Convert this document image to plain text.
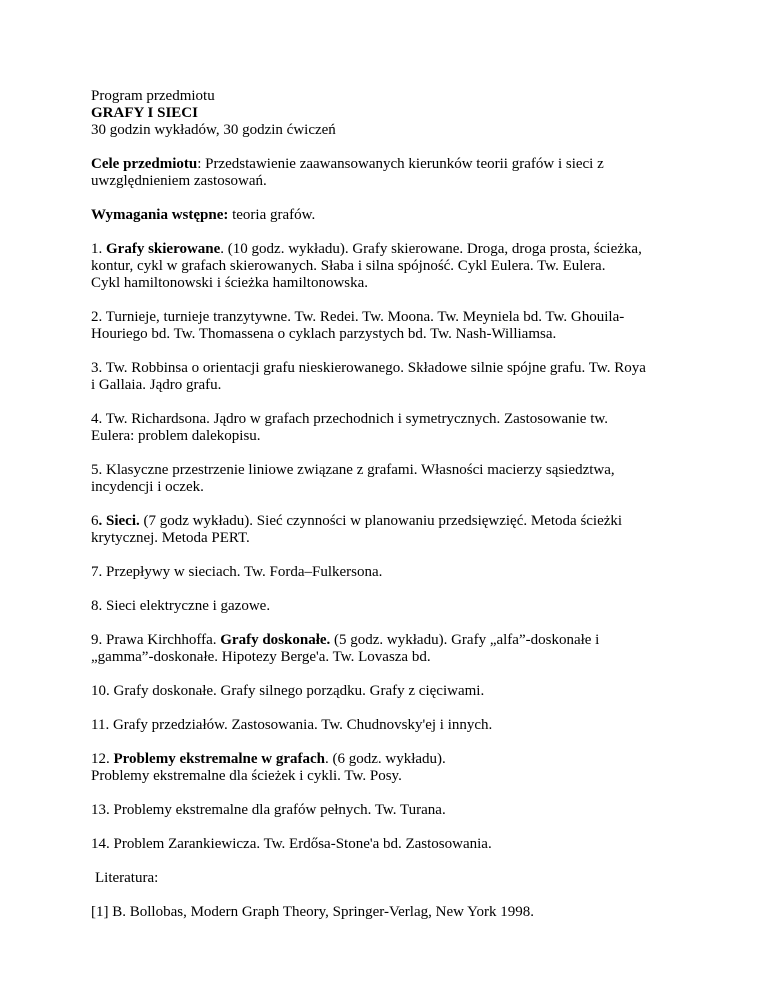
Program przedmiotu
GRAFY I SIECI
30 godzin wykładów, 30 godzin ćwiczeń
Cele przedmiotu: Przedstawienie zaawansowanych kierunków teorii grafów i sieci z
uwzględnieniem zastosowań.
Wymagania wstępne: teoria grafów.
1. Grafy skierowane. (10 godz. wykładu). Grafy skierowane. Droga, droga prosta, ścieżka,
kontur, cykl w grafach skierowanych. Słaba i silna spójność. Cykl Eulera. Tw. Eulera.
Cykl hamiltonowski i ścieżka hamiltonowska.
2. Turnieje, turnieje tranzytywne. Tw. Redei. Tw. Moona. Tw. Meyniela bd. Tw. Ghouila-
Houriego bd. Tw. Thomassena o cyklach parzystych bd. Tw. Nash-Williamsa.
3. Tw. Robbinsa o orientacji grafu nieskierowanego. Składowe silnie spójne grafu. Tw. Roya
i Gallaia. Jądro grafu.
4. Tw. Richardsona. Jądro w grafach przechodnich i symetrycznych. Zastosowanie tw.
Eulera: problem dalekopisu.
5. Klasyczne przestrzenie liniowe związane z grafami. Własności macierzy sąsiedztwa,
incydencji i oczek.
6. Sieci. (7 godz wykładu). Sieć czynności w planowaniu przedsięwzięć. Metoda ścieżki
krytycznej. Metoda PERT.
7. Przepływy w sieciach. Tw. Forda–Fulkersona.
8. Sieci elektryczne i gazowe.
9. Prawa Kirchhoffa. Grafy doskonałe. (5 godz. wykładu). Grafy „alfa”-doskonałe i
„gamma”-doskonałe. Hipotezy Berge'a. Tw. Lovasza bd.
10. Grafy doskonałe. Grafy silnego porządku. Grafy z cięciwami.
11. Grafy przedziałów. Zastosowania. Tw. Chudnovsky'ej i innych.
12. Problemy ekstremalne w grafach. (6 godz. wykładu).
Problemy ekstremalne dla ścieżek i cykli. Tw. Posy.
13. Problemy ekstremalne dla grafów pełnych. Tw. Turana.
14. Problem Zarankiewicza. Tw. Erdősa-Stone'a bd. Zastosowania.
Literatura:
[1] B. Bollobas, Modern Graph Theory, Springer-Verlag, New York 1998.
